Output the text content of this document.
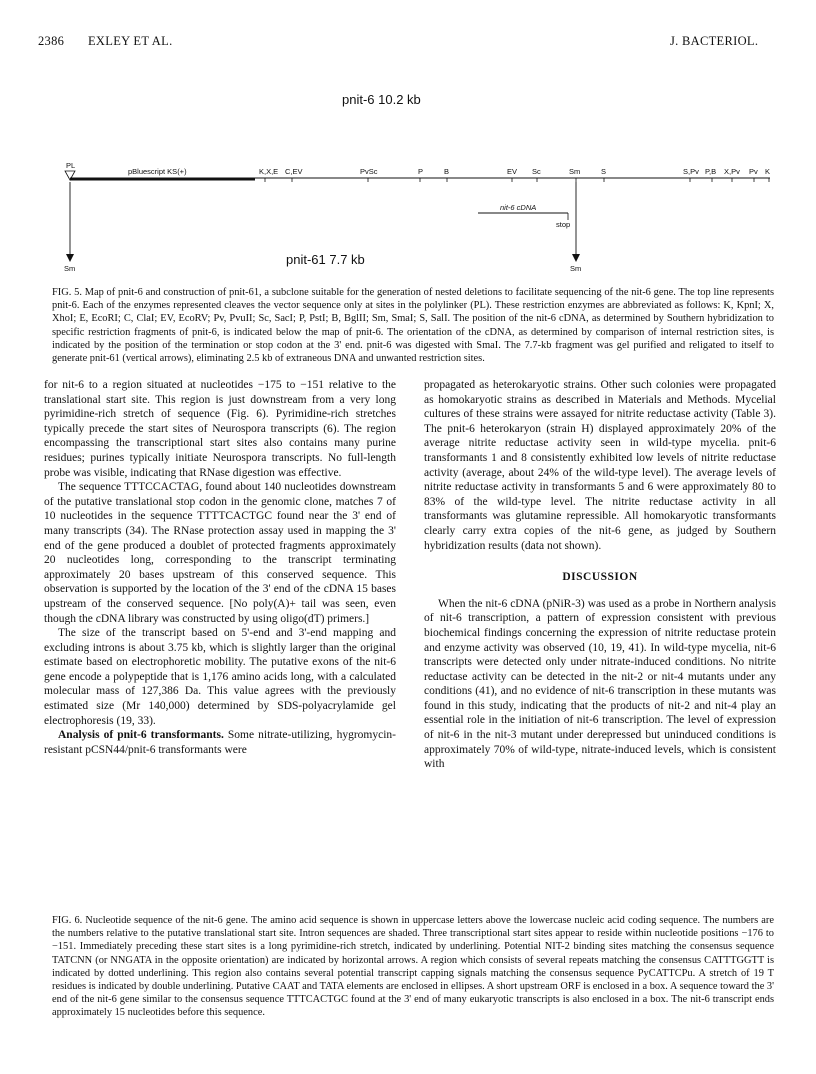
2386 EXLEY ET AL.	J. BACTERIOL.
pnit-6 10.2 kb
pBluescript KS(+)
PL
K,X,E C,EV	PvSc	P	B	EV Sc	Sm	S	S,Pv P,B X,Pv Pv K
nit-6 cDNA
stop
Sm	Sm
pnit-61 7.7 kb
FIG. 5. Map of pnit-6 and construction of pnit-61, a subclone suitable for the generation of nested deletions to facilitate sequencing of the nit-6 gene. The top line represents pnit-6. Each of the enzymes represented cleaves the vector sequence only at sites in the polylinker (PL). These restriction enzymes are abbreviated as follows: K, KpnI; X, XhoI; E, EcoRI; C, ClaI; EV, EcoRV; Pv, PvuII; Sc, SacI; P, PstI; B, BglII; Sm, SmaI; S, SalI. The position of the nit-6 cDNA, as determined by Southern hybridization to specific restriction fragments of pnit-6, is indicated below the map of pnit-6. The orientation of the cDNA, as determined by comparison of internal restriction sites, is indicated by the position of the termination or stop codon at the 3' end. pnit-6 was digested with SmaI. The 7.7-kb fragment was gel purified and religated to itself to generate pnit-61 (vertical arrows), eliminating 2.5 kb of extraneous DNA and unwanted restriction sites.

for nit-6 to a region situated at nucleotides −175 to −151 relative to the translational start site. This region is just downstream from a very long pyrimidine-rich stretch of sequence (Fig. 6). Pyrimidine-rich stretches typically precede the start sites of Neurospora transcripts (6). The region encompassing the transcriptional start sites also contains many purine residues; purines typically initiate Neurospora transcripts. No full-length probe was visible, indicating that RNase digestion was effective.

The sequence TTTCCACTAG, found about 140 nucleotides downstream of the putative translational stop codon in the genomic clone, matches 7 of 10 nucleotides in the sequence TTTTCACTGC found near the 3' end of many transcripts (34). The RNase protection assay used in mapping the 3' end of the gene produced a doublet of protected fragments approximately 20 nucleotides long, corresponding to the transcript terminating approximately 20 bases upstream of this conserved sequence. This observation is supported by the location of the 3' end of the cDNA 15 bases upstream of the conserved sequence. [No poly(A)+ tail was seen, even though the cDNA library was constructed by using oligo(dT) primers.]

The size of the transcript based on 5'-end and 3'-end mapping and excluding introns is about 3.75 kb, which is slightly larger than the original estimate based on electrophoretic mobility. The putative exons of the nit-6 gene encode a polypeptide that is 1,176 amino acids long, with a calculated molecular mass of 127,386 Da. This value agrees with the previously estimated size (Mr 140,000) determined by SDS-polyacrylamide gel electrophoresis (19, 33).

Analysis of pnit-6 transformants. Some nitrate-utilizing, hygromycin-resistant pCSN44/pnit-6 transformants were

propagated as heterokaryotic strains. Other such colonies were propagated as homokaryotic strains as described in Materials and Methods. Mycelial cultures of these strains were assayed for nitrite reductase activity (Table 3). The pnit-6 heterokaryon (strain H) displayed approximately 20% of the average nitrite reductase activity seen in wild-type mycelia. pnit-6 transformants 1 and 8 consistently exhibited low levels of nitrite reductase activity (average, about 24% of the wild-type level). The average levels of nitrite reductase activity in transformants 5 and 6 were approximately 80 to 83% of the wild-type level. The nitrite reductase activity in all transformants was glutamine repressible. All homokaryotic transformants clearly carry extra copies of the nit-6 gene, as judged by Southern hybridization results (data not shown).

DISCUSSION

When the nit-6 cDNA (pNiR-3) was used as a probe in Northern analysis of nit-6 transcription, a pattern of expression consistent with previous biochemical findings concerning the expression of nitrite reductase protein and enzyme activity was observed (10, 19, 41). In wild-type mycelia, nit-6 transcripts were detected only under nitrate-induced conditions. No nitrite reductase activity can be detected in the nit-2 or nit-4 mutants under any conditions (41), and no evidence of nit-6 transcription in these mutants was found in this study, indicating that the products of nit-2 and nit-4 play an essential role in the initiation of nit-6 transcription. The level of expression of nit-6 in the nit-3 mutant under derepressed but uninduced conditions is approximately 70% of wild-type, nitrate-induced levels, which is consistent with

FIG. 6. Nucleotide sequence of the nit-6 gene. The amino acid sequence is shown in uppercase letters above the lowercase nucleic acid coding sequence. The numbers are the numbers relative to the putative translational start site. Intron sequences are shaded. Three transcriptional start sites appear to reside within nucleotide positions −176 to −151. Immediately preceding these start sites is a long pyrimidine-rich stretch, indicated by underlining. Potential NIT-2 binding sites matching the consensus sequence TATCNN (or NNGATA in the opposite orientation) are indicated by horizontal arrows. A region which consists of several repeats matching the consensus CATTTGGTT is indicated by dotted underlining. This region also contains several potential transcript capping signals matching the consensus sequence PyCATTCPu. A stretch of 19 T residues is indicated by double underlining. Putative CAAT and TATA elements are enclosed in ellipses. A short upstream ORF is enclosed in a box. A sequence toward the 3' end of the nit-6 gene similar to the consensus sequence TTTCACTGC found at the 3' end of many eukaryotic transcripts is also enclosed in a box. The nit-6 transcript ends approximately 15 nucleotides before this sequence.
